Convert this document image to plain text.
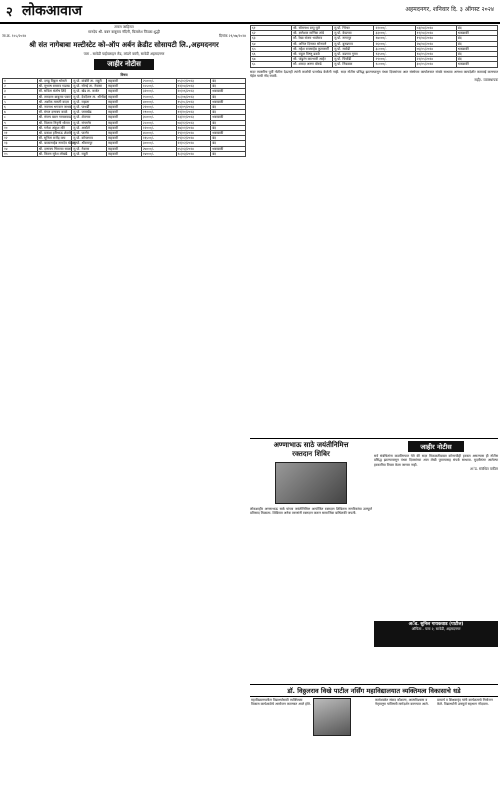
२ लोकआवाज	अहमदनगर, शनिवार दि. ३ ऑगस्ट २०२४
तमाम जाहिरात
मानदेय श्री. बबन बाबुराव नंदिनी, बिजलेश पिंपळा शुद्धी
जा.क्र. १८५/२०२४	दिनांक २१/०७/२०२४
श्री संत नागेबाबा मल्टीस्टेट को-ऑप अर्बन क्रेडीट सोसायटी लि.,अहमदनगर
पत्ता - सावेडी पाईपलाइन रोड, लांडगे वस्ती, सावेडी अहमदनगर
जाहीर नोटीस
विषय
१	श्री. दगडु विठ्ठल भोसले	मु.पो. वांबोरी ता. राहुरी	सहकारी	२५०००/-	०५/०२/२०२३	बंद
२	श्री. सुभाष रामराव गडाख	मु.पो. सोनई ता. नेवासा	सहकारी	१८५००/-	१२/०४/२०२३	बंद
३	सौ. सविता संतोष शिंदे	मु.पो. खेड ता. कर्जत	सहकारी	३२०००/-	२०/०६/२०२३	थकबाकी
४	श्री. रामदास बाबुराव पवार	मु.पो. देवदैठण ता. श्रीगोंदा	सहकारी	१५०००/-	०८/०७/२०२३	बंद
५	श्री. अशोक मारुती कदम	मु.पो. राहाता	सहकारी	४००००/-	१५/०८/२०२३	थकबाकी
६	श्री. नवनाथ भगवान जाधव	मु.पो. पाथर्डी	सहकारी	२२०००/-	०२/०९/२०२३	बंद
७	सौ. मंगल दत्तात्रय काळे	मु.पो. जामखेड	सहकारी	१९०००/-	११/१०/२०२३	बंद
८	श्री. संजय बबन गायकवाड	मु.पो. शेवगाव	सहकारी	३५०००/-	२३/११/२०२३	थकबाकी
९	श्री. विलास निवृत्ती थोरात	मु.पो. संगमनेर	सहकारी	२८०००/-	०४/१२/२०२३	बंद
१०	श्री. गणेश अंकुश मोरे	मु.पो. अकोले	सहकारी	१२०००/-	१७/०१/२०२४	बंद
११	श्री. प्रकाश हरिभाऊ शेळके	मु.पो. पारनेर	सहकारी	४५०००/-	२९/०१/२०२४	थकबाकी
१२	सौ. सुनिता राजेंद्र वाघ	मु.पो. कोपरगाव	सहकारी	१६५००/-	०९/०२/२०२४	बंद
१३	श्री. बाळासाहेब नामदेव खेडकर	मु.पो. श्रीरामपूर	सहकारी	३००००/-	२१/०२/२०२४	बंद
१४	श्री. दत्तात्रय भिमराव साळवे	मु.पो. नेवासा	सहकारी	२७०००/-	०५/०३/२०२४	थकबाकी
१५	श्री. किरण सुरेश लोखंडे	मु.पो. राहुरी	सहकारी	१४०००/-	१८/०३/२०२४	बंद
६१	श्री. सोमनाथ बापू घुले	मु.पो. भिंगार	२१०००/-	०३/०४/२०२४	बंद
६२	श्री. ज्ञानेश्वर माणिक तांबे	मु.पो. केडगाव	३३०००/-	११/०४/२०२४	थकबाकी
६३	सौ. रेखा संजय भालेराव	मु.पो. नागापूर	१७०००/-	१९/०४/२०२४	बंद
६४	श्री. अनिल दिनकर सोनवणे	मु.पो. बुरुडगाव	२६०००/-	२७/०४/२०२४	बंद
६५	श्री. महेश रावसाहेब कुलकर्णी	मु.पो. सावेडी	३८०००/-	०६/०५/२०२४	थकबाकी
६६	श्री. राहुल विष्णू ढवळे	मु.पो. वडगाव गुप्ता	१३५००/-	१४/०५/२०२४	बंद
६७	श्री. पांडुरंग कारभारी आहेर	मु.पो. चिचोंडी	२९०००/-	२२/०५/२०२४	बंद
६८	सौ. शारदा अरुण बोरुडे	मु.पो. निंबळक	१८०००/-	३०/०५/२०२४	थकबाकी
सदर व्यक्तींना पूर्वी नोटीस देऊनही त्यांनी कर्जाची परतफेड केलेली नाही. सदर नोटीस प्रसिद्ध झाल्यापासून पंधरा दिवसांच्या आत संस्थेच्या कार्यालयात संपर्क साधावा अन्यथा कायदेशीर कारवाई करण्यात येईल याची नोंद घ्यावी.
सही/- व्यवस्थापक
अण्णाभाऊ साठे जयंतीनिमित्त
रक्तदान शिबिर
लोकशाहीर अण्णाभाऊ साठे यांच्या जयंतीनिमित्त आयोजित रक्तदान शिबिरास नागरिकांचा उत्स्फूर्त प्रतिसाद मिळाला. शिबिरात अनेक तरुणांनी रक्तदान करून सामाजिक बांधिलकी जपली.
जाहीर नोटीस
सर्व संबंधितांना कळविण्यात येते की सदर मिळकतीबाबत कोणाचीही हरकत असल्यास ही नोटीस प्रसिद्ध झाल्यापासून पंधरा दिवसांच्या आत लेखी पुराव्यासह संपर्क साधावा. मुदतीनंतर आलेल्या हरकतींचा विचार केला जाणार नाही.
अॅड. संबंधित वकील
अॅड. सुनिल गायकवाड (पाटील)
ऑफिस - पत्ता २, सावेडी, अहमदनगर
डॉ. विठ्ठलराव विखे पाटील नर्सिंग महाविद्यालयात व्यक्तिमत्व विकासाचे धडे
महाविद्यालयातील विद्यार्थ्यांसाठी व्यक्तिमत्व विकास कार्यशाळेचे आयोजन करण्यात आले होते.
कार्यशाळेत संवाद कौशल्य, आत्मविश्वास व नेतृत्वगुण यांविषयी मार्गदर्शन करण्यात आले.
प्राचार्य व शिक्षकवृंद यांनी कार्यक्रमाचे नियोजन केले. विद्यार्थ्यांनी उत्स्फूर्त सहभाग नोंदवला.
